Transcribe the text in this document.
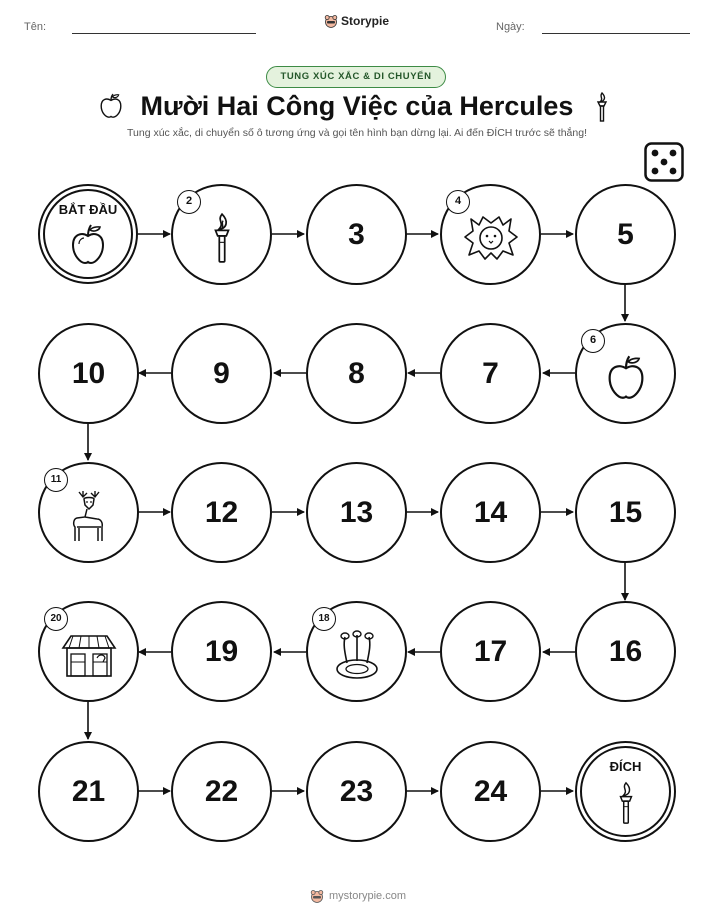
Tên:	Storypie	Ngày:
TUNG XÚC XẮC & DI CHUYỂN
Mười Hai Công Việc của Hercules
Tung xúc xắc, di chuyển số ô tương ứng và gọi tên hình bạn dừng lại. Ai đến ĐÍCH trước sẽ thắng!
BẮT ĐẦU
2
3
4
5
6
7
8
9
10
11
12	13	14	15
16
17
18
19
20
21	22	23	24
ĐÍCH
mystorypie.com
